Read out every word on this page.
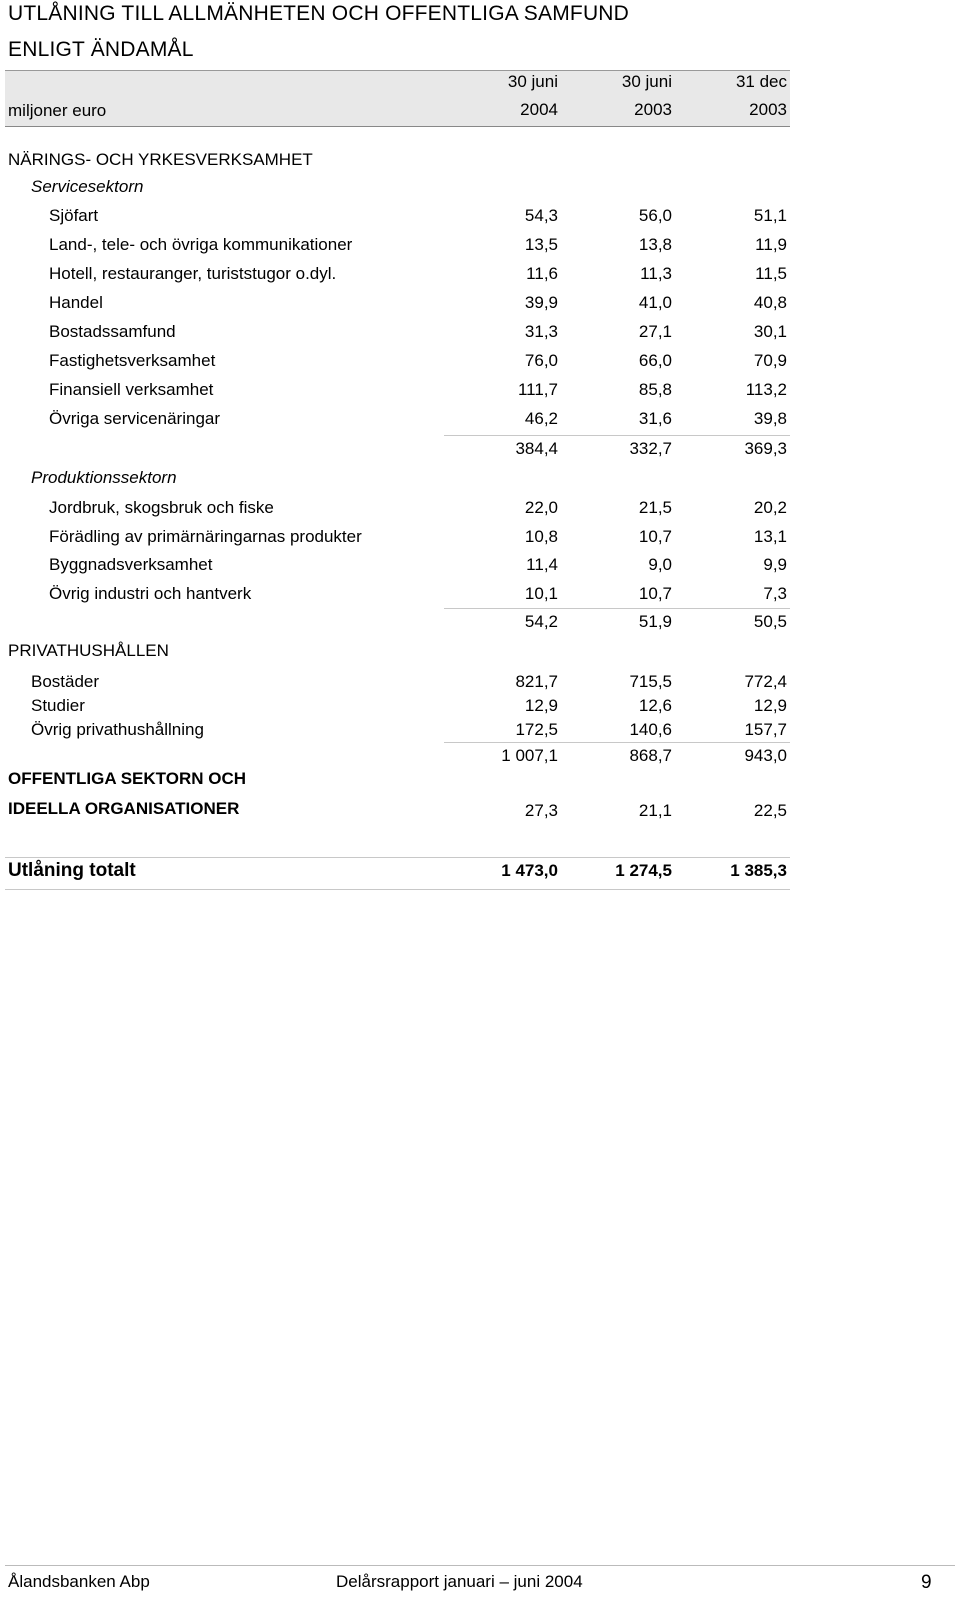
UTLÅNING TILL ALLMÄNHETEN OCH OFFENTLIGA SAMFUND
ENLIGT ÄNDAMÅL
30 juni	30 juni	31 dec
miljoner euro	2004	2003	2003
NÄRINGS- OCH YRKESVERKSAMHET
Servicesektorn
Sjöfart	54,3	56,0	51,1
Land-, tele- och övriga kommunikationer	13,5	13,8	11,9
Hotell, restauranger, turiststugor o.dyl.	11,6	11,3	11,5
Handel	39,9	41,0	40,8
Bostadssamfund	31,3	27,1	30,1
Fastighetsverksamhet	76,0	66,0	70,9
Finansiell verksamhet	111,7	85,8	113,2
Övriga servicenäringar	46,2	31,6	39,8
384,4	332,7	369,3
Produktionssektorn
Jordbruk, skogsbruk och fiske	22,0	21,5	20,2
Förädling av primärnäringarnas produkter	10,8	10,7	13,1
Byggnadsverksamhet	11,4	9,0	9,9
Övrig industri och hantverk	10,1	10,7	7,3
54,2	51,9	50,5
PRIVATHUSHÅLLEN
Bostäder	821,7	715,5	772,4
Studier	12,9	12,6	12,9
Övrig privathushållning	172,5	140,6	157,7
1 007,1	868,7	943,0
OFFENTLIGA SEKTORN OCH
IDEELLA ORGANISATIONER	27,3	21,1	22,5
Utlåning totalt	1 473,0	1 274,5	1 385,3
Ålandsbanken Abp	Delårsrapport januari – juni 2004	9
